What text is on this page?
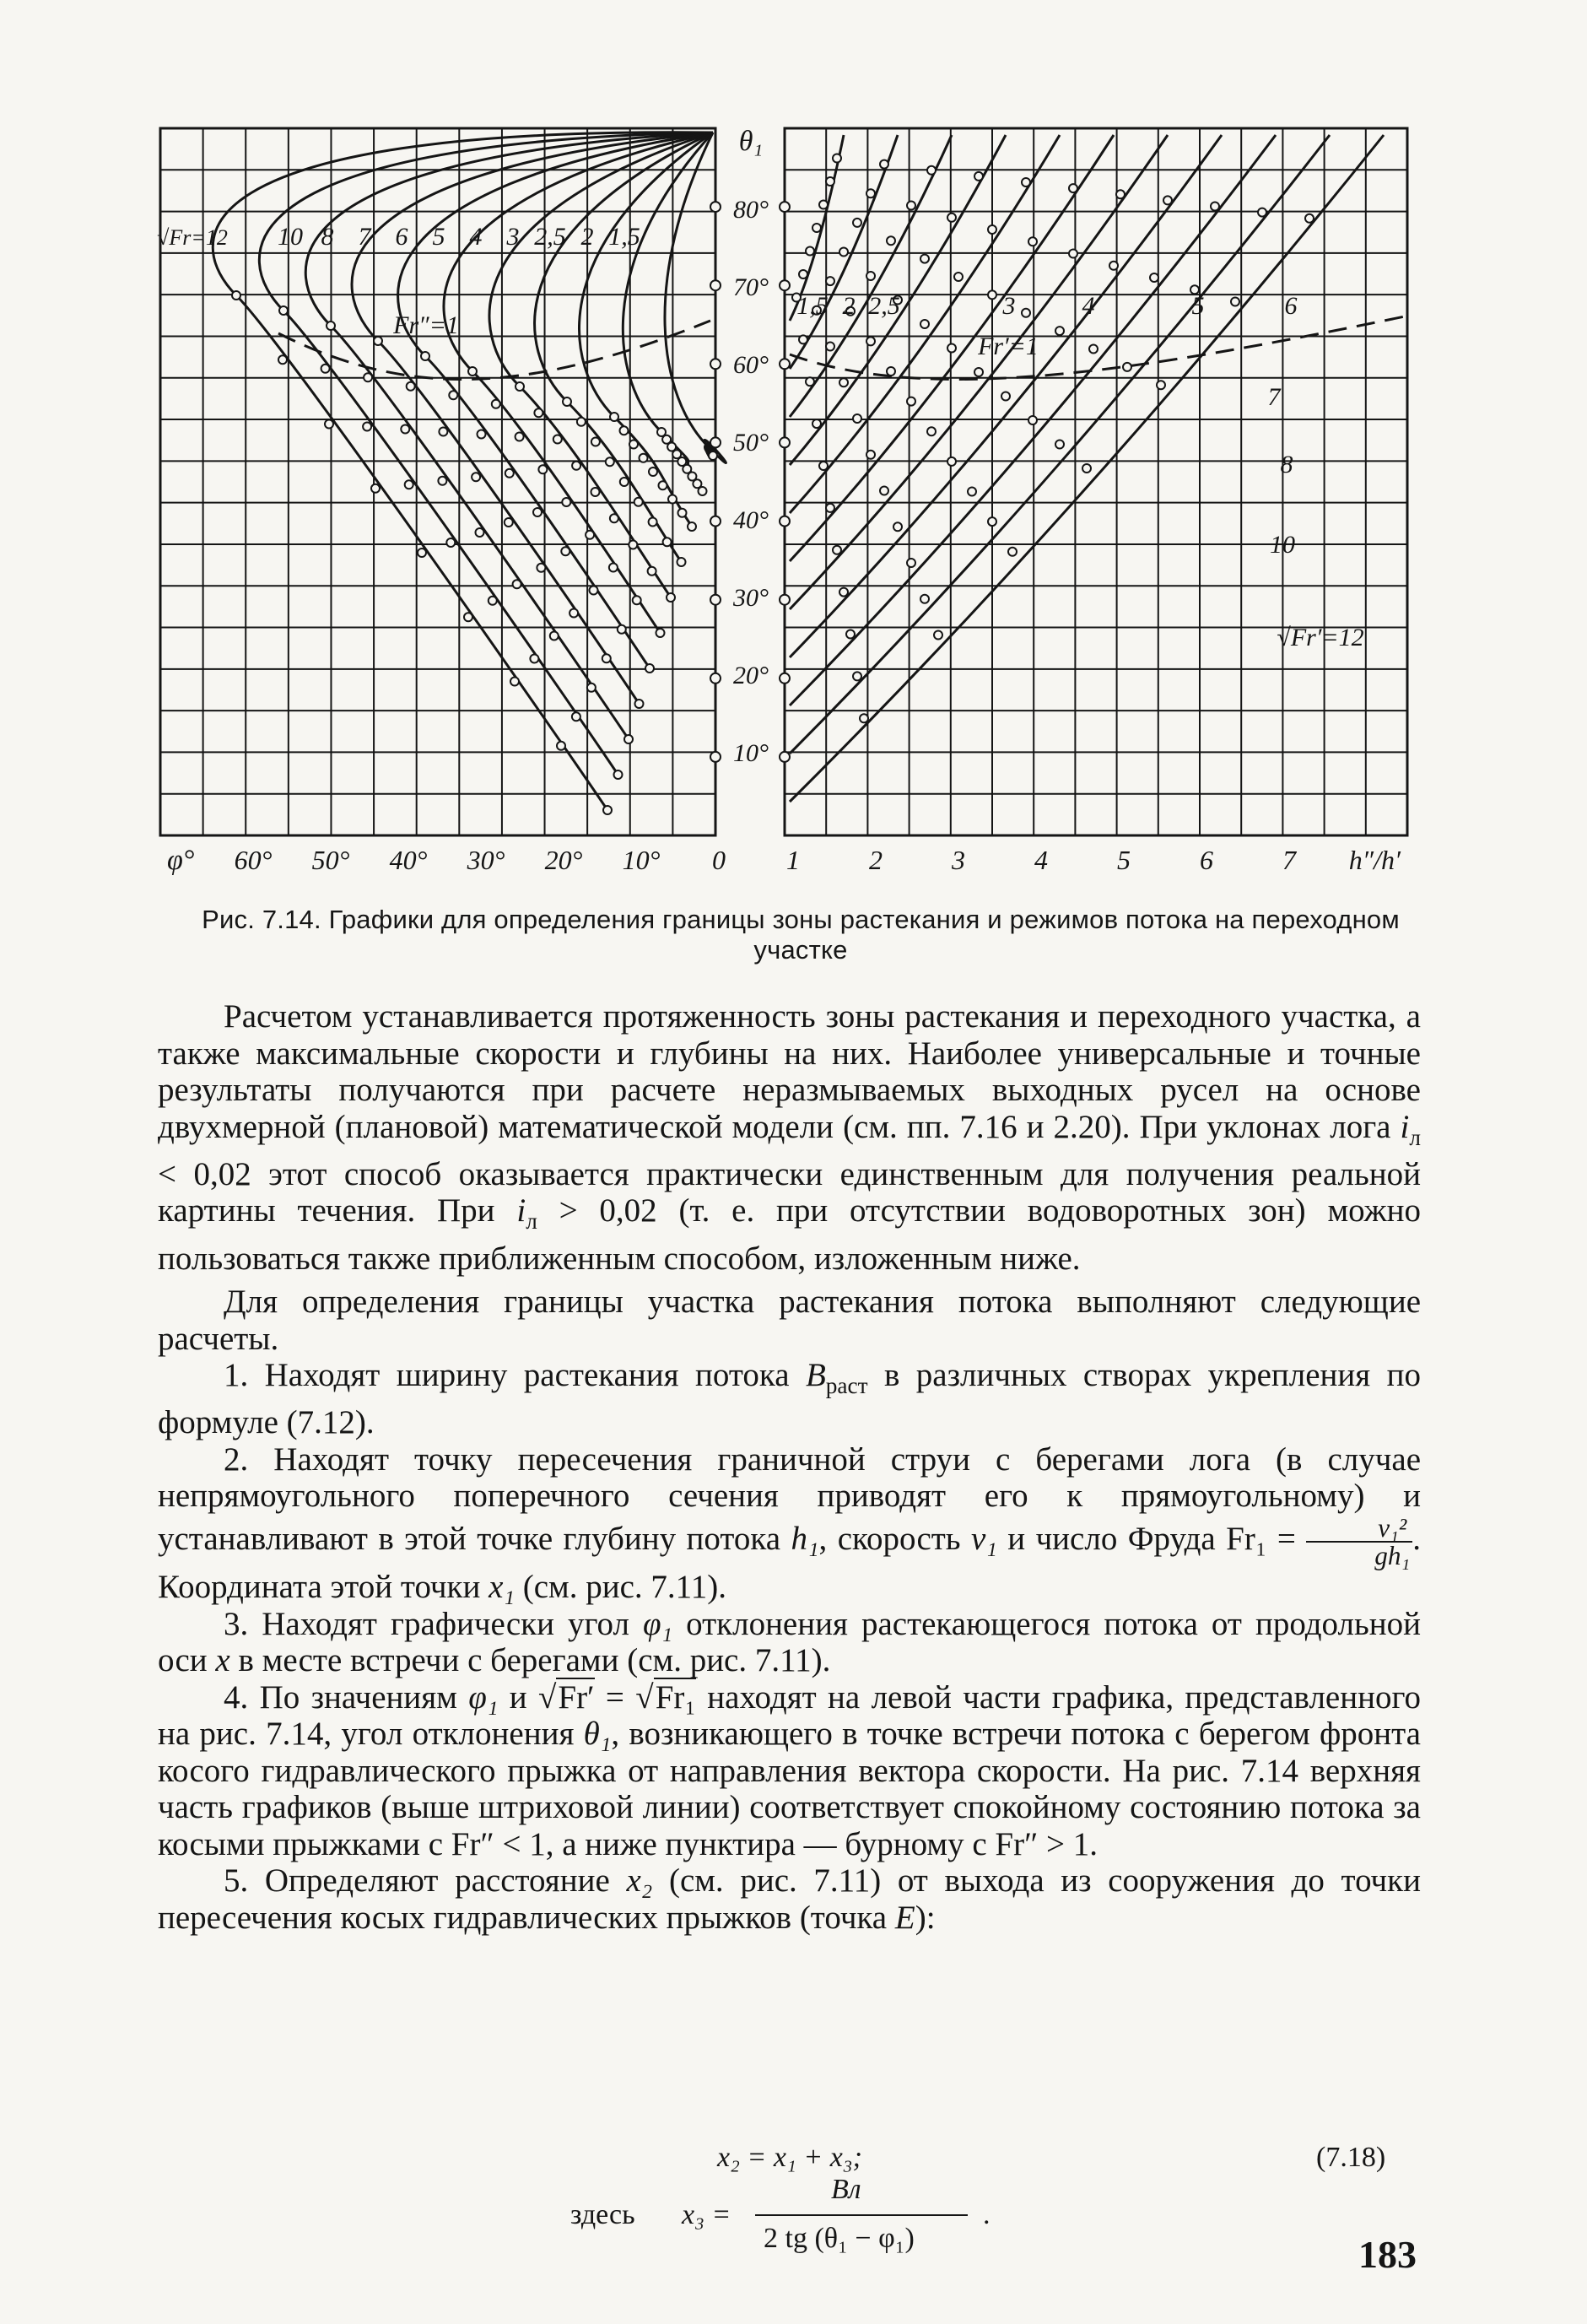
φ° 60° 50° 40° 30° 20° 10° 0 1	2	3	4	5	6	7 h″/h′
θ₁
80°
70°
60°
50°
40°
30°
20°
10°
√Fr=12 10 8 7 6 5 4 3 2,5 2 1,5
Fr″=1
1,5 2 2,5	3	4	5	6
7
8
10
√Fr′=12
Fr′=1
Рис. 7.14. Графики для определения границы зоны растекания и режимов потока на переходном участке

Расчетом устанавливается протяженность зоны растекания и переходного участка, а также максимальные скорости и глубины на них. Наиболее универсальные и точные результаты получаются при расчете неразмываемых выходных русел на основе двухмерной (плановой) математической модели (см. пп. 7.16 и 2.20). При уклонах лога $i_л < 0,02$ этот способ оказывается практически единственным для получения реальной картины течения. При $i_л > 0,02$ (т. е. при отсутствии водоворотных зон) можно пользоваться также приближенным способом, изложенным ниже.

Для определения границы участка растекания потока выполняют следующие расчеты.

1. Находят ширину растекания потока $B_{раст}$ в различных створах укрепления по формуле (7.12).

2. Находят точку пересечения граничной струи с берегами лога (в случае непрямоугольного поперечного сечения приводят его к прямоугольному) и устанавливают в этой точке глубину потока h₁, скорость v₁ и число Фруда $Fr_1 = \frac{\text{v₁²}}{\text{gh₁}}$ . Координата этой точки x₁ (см. рис. 7.11).

3. Находят графически угол φ₁ отклонения растекающегося потока от продольной оси x в месте встречи с берегами (см. рис. 7.11).

4. По значениям φ₁ и √Fr′ = √Fr₁ находят на левой части графика, представленного на рис. 7.14, угол отклонения θ₁, возникающего в точке встречи потока с берегом фронта косого гидравлического прыжка от направления вектора скорости. На рис. 7.14 верхняя часть графиков (выше штриховой линии) соответствует спокойному состоянию потока за косыми прыжками с Fr″ < 1, а ниже пунктира — бурному с Fr″ > 1.

5. Определяют расстояние x₂ (см. рис. 7.11) от выхода из сооружения до точки пересечения косых гидравлических прыжков (точка E):

x₂ = x₁ + x₃;	(7.18)
здесь x₃ =
Bл
2 tg (θ₁ − φ₁)
.
183
